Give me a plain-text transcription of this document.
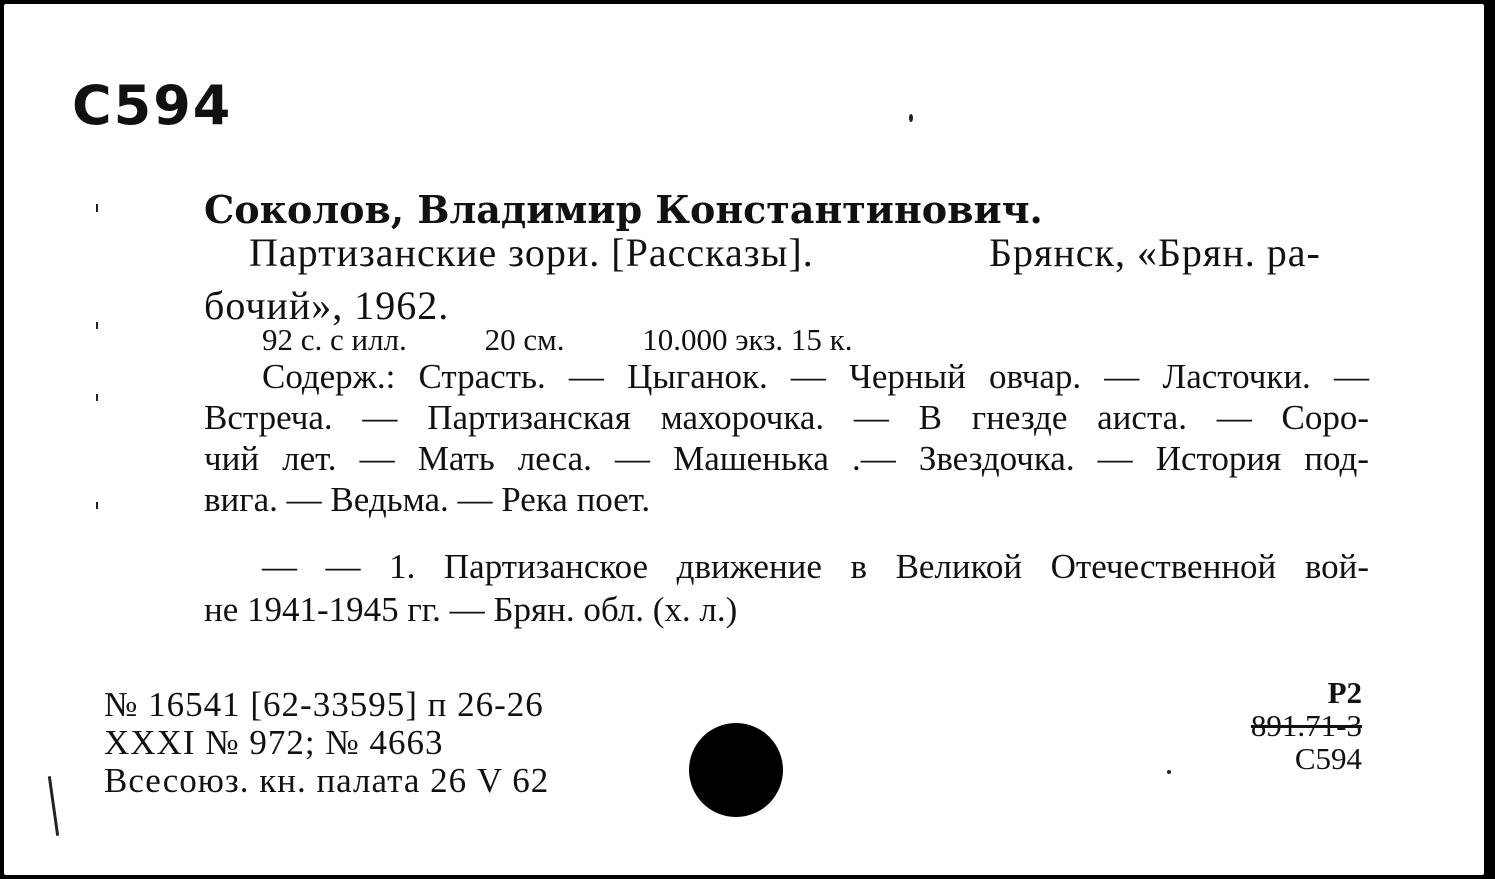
С594
Соколов, Владимир Константинович.
Партизанские зори. [Рассказы].	Брянск, «Брян. ра-
бочий», 1962.
92 с. с илл.	20 см.	10.000 экз. 15 к.
Содерж.: Страсть. — Цыганок. — Черный овчар. — Ласточки. —
Встреча. — Партизанская махорочка. — В гнезде аиста. — Соро-
чий лет. — Мать леса. — Машенька .— Звездочка. — История под-
вига. — Ведьма. — Река поет.
— — 1. Партизанское движение в Великой Отечественной вой-
не 1941-1945 гг. — Брян. обл. (х. л.)
№ 16541 [62-33595] п 26-26
XXXI № 972; № 4663
Всесоюз. кн. палата 26 V 62
Р2
891.71-3
С594
